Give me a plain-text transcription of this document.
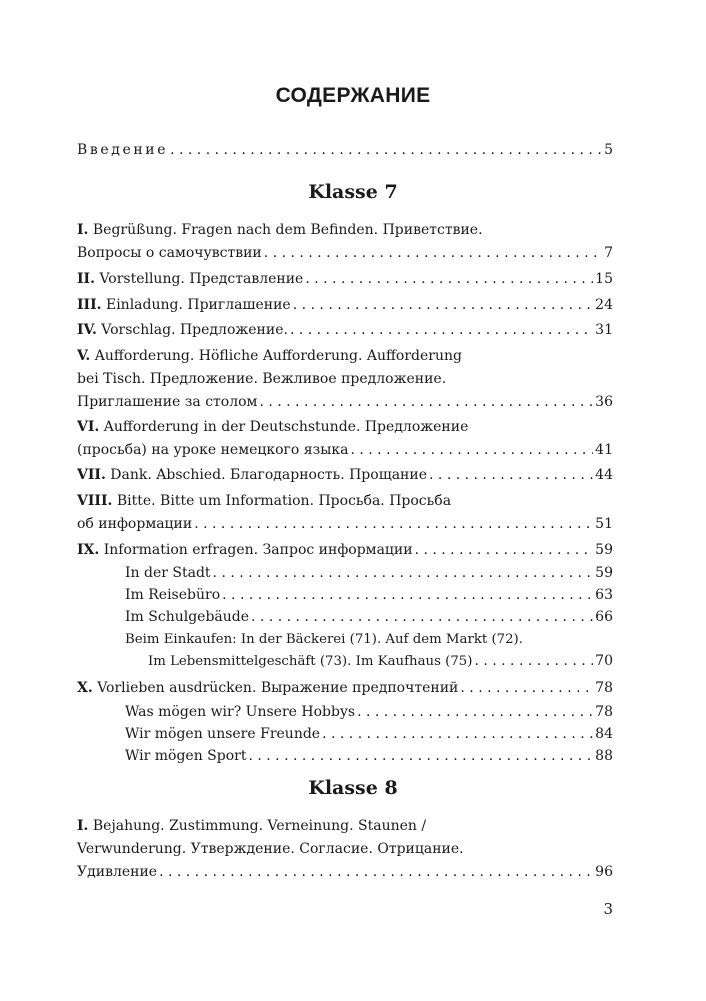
СОДЕРЖАНИЕ
Введение . . .	5
Klasse 7
I. Begrüßung. Fragen nach dem Befinden. Приветствие.
Вопросы о самочувствии . . .	7
II. Vorstellung. Представление . . .	15
III. Einladung. Приглашение . . .	24
IV. Vorschlag. Предложение. . . .	31
V. Aufforderung. Höfliche Aufforderung. Aufforderung
bei Tisch. Предложение. Вежливое предложение.
Приглашение за столом . . .	36
VI. Aufforderung in der Deutschstunde. Предложение
(просьба) на уроке немецкого языка . . .	41
VII. Dank. Abschied. Благодарность. Прощание . . .	44
VIII. Bitte. Bitte um Information. Просьба. Просьба
об информации . . .	51
IX. Information erfragen. Запрос информации . . .	59
In der Stadt . . .	59
Im Reisebüro . . .	63
Im Schulgebäude . . .	66
Beim Einkaufen: In der Bäckerei (71). Auf dem Markt (72).
Im Lebensmittelgeschäft (73). Im Kaufhaus (75) . . .	70
X. Vorlieben ausdrücken. Выражение предпочтений . . .	78
Was mögen wir? Unsere Hobbys . . .	78
Wir mögen unsere Freunde . . .	84
Wir mögen Sport . . .	88
Klasse 8
I. Bejahung. Zustimmung. Verneinung. Staunen /
Verwunderung. Утверждение. Согласие. Отрицание.
Удивление . . .	96
3
